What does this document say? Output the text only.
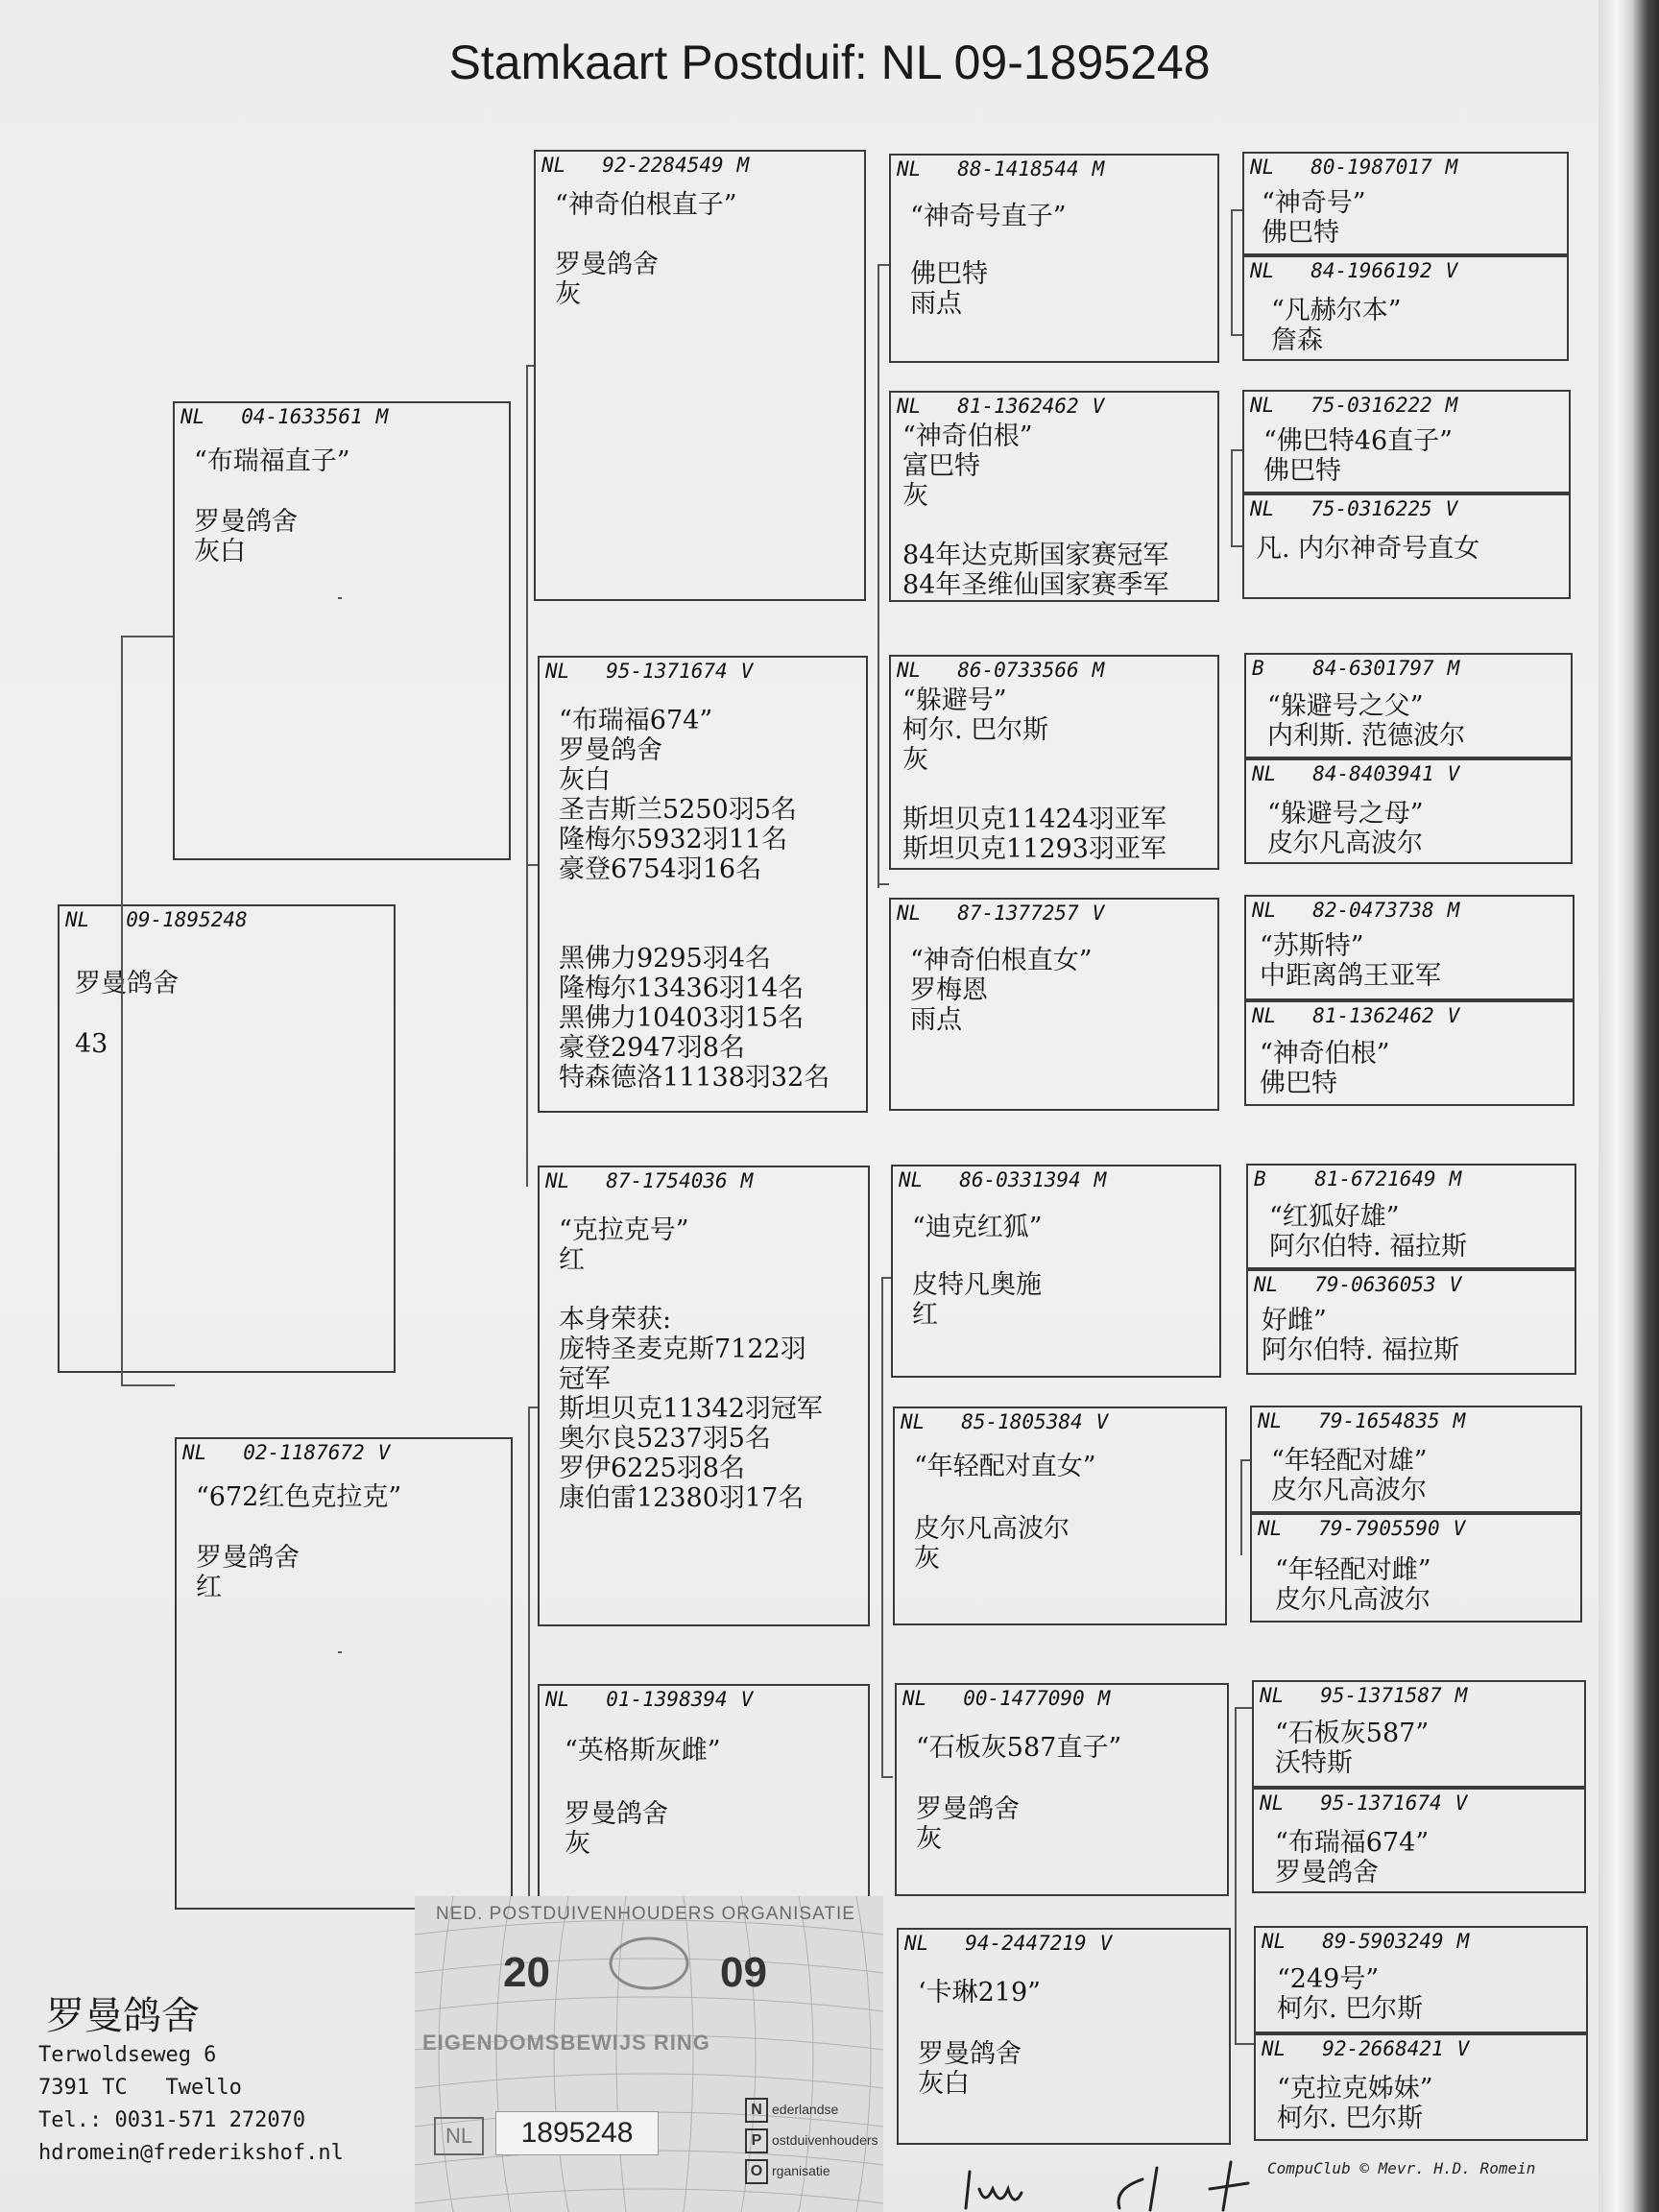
Stamkaart Postduif: NL 09-1895248
NL   09-1895248
罗曼鸽舍
43
NL   04-1633561 M
“布瑞福直子”
罗曼鸽舍
灰白
NL   02-1187672 V
“672红色克拉克”
罗曼鸽舍
红
NL   92-2284549 M
“神奇伯根直子”
罗曼鸽舍
灰
NL   95-1371674 V
“布瑞福674”
罗曼鸽舍
灰白
圣吉斯兰5250羽5名
隆梅尔5932羽11名
豪登6754羽16名
黑佛力9295羽4名
隆梅尔13436羽14名
黑佛力10403羽15名
豪登2947羽8名
特森德洛11138羽32名
NL   87-1754036 M
“克拉克号”
红
本身荣获:
庞特圣麦克斯7122羽
冠军
斯坦贝克11342羽冠军
奥尔良5237羽5名
罗伊6225羽8名
康伯雷12380羽17名
NL   01-1398394 V
“英格斯灰雌”
罗曼鸽舍
灰
NL   88-1418544 M
“神奇号直子”
佛巴特
雨点
NL   81-1362462 V
“神奇伯根”
富巴特
灰
84年达克斯国家赛冠军
84年圣维仙国家赛季军
NL   86-0733566 M
“躲避号”
柯尔. 巴尔斯
灰
斯坦贝克11424羽亚军
斯坦贝克11293羽亚军
NL   87-1377257 V
“神奇伯根直女”
罗梅恩
雨点
NL   86-0331394 M
“迪克红狐”
皮特凡奥施
红
NL   85-1805384 V
“年轻配对直女”
皮尔凡高波尔
灰
NL   00-1477090 M
“石板灰587直子”
罗曼鸽舍
灰
NL   94-2447219 V
‘卡琳219”
罗曼鸽舍
灰白
NL   80-1987017 M
“神奇号”
佛巴特
NL   84-1966192 V
“凡赫尔本”
詹森
NL   75-0316222 M
“佛巴特46直子”
佛巴特
NL   75-0316225 V
凡. 内尔神奇号直女
B    84-6301797 M
“躲避号之父”
内利斯. 范德波尔
NL   84-8403941 V
“躲避号之母”
皮尔凡高波尔
NL   82-0473738 M
“苏斯特”
中距离鸽王亚军
NL   81-1362462 V
“神奇伯根”
佛巴特
B    81-6721649 M
“红狐好雄”
阿尔伯特. 福拉斯
NL   79-0636053 V
好雌”
阿尔伯特. 福拉斯
NL   79-1654835 M
“年轻配对雄”
皮尔凡高波尔
NL   79-7905590 V
“年轻配对雌”
皮尔凡高波尔
NL   95-1371587 M
“石板灰587”
沃特斯
NL   95-1371674 V
“布瑞福674”
罗曼鸽舍
NL   89-5903249 M
“249号”
柯尔. 巴尔斯
NL   92-2668421 V
“克拉克姊妹”
柯尔. 巴尔斯
罗曼鸽舍
Terwoldseweg 6
7391 TC   Twello
Tel.: 0031-571 272070
hdromein@frederikshof.nl
NED. POSTDUIVENHOUDERS ORGANISATIE
20	09
EIGENDOMSBEWIJS RING
NL	1895248
N ederlandse
P ostduivenhouders
O rganisatie	CompuClub © Mevr. H.D. Romein
